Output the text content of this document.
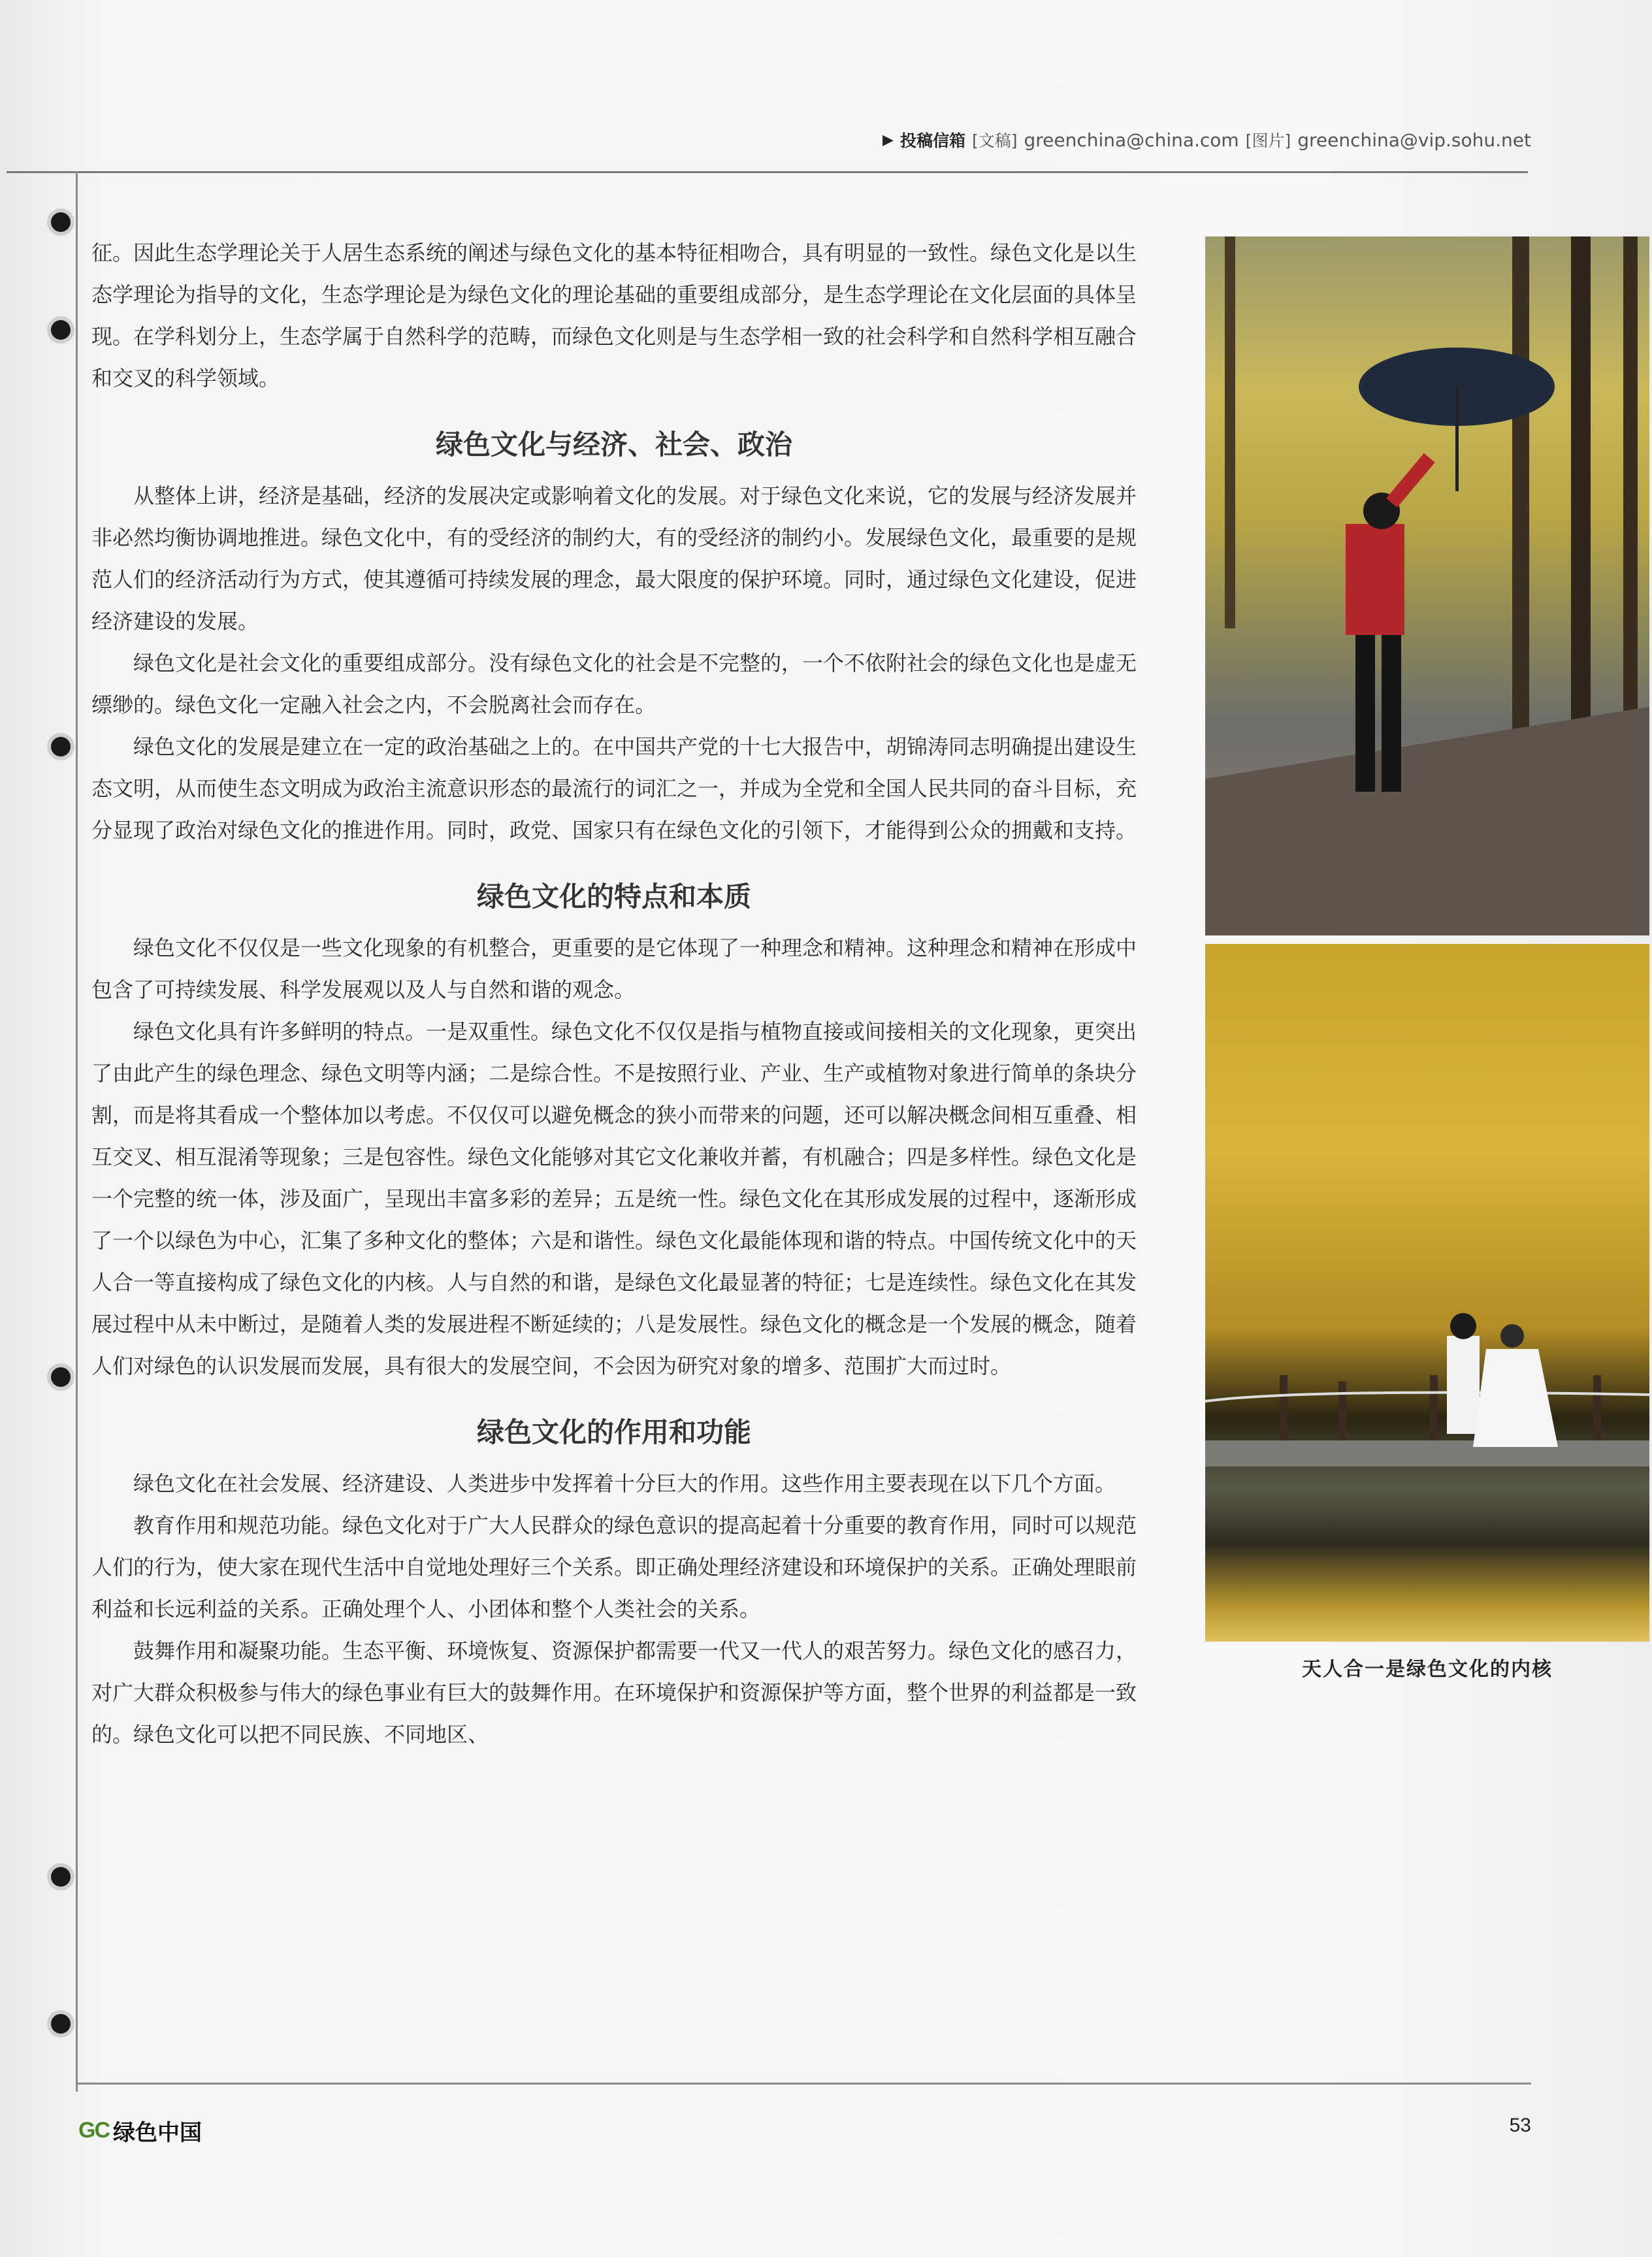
▶ 投稿信箱 [文稿] greenchina@china.com [图片] greenchina@vip.sohu.net

征。因此生态学理论关于人居生态系统的阐述与绿色文化的基本特征相吻合，具有明显的一致性。绿色文化是以生态学理论为指导的文化，生态学理论是为绿色文化的理论基础的重要组成部分，是生态学理论在文化层面的具体呈现。在学科划分上，生态学属于自然科学的范畴，而绿色文化则是与生态学相一致的社会科学和自然科学相互融合和交叉的科学领域。

绿色文化与经济、社会、政治

从整体上讲，经济是基础，经济的发展决定或影响着文化的发展。对于绿色文化来说，它的发展与经济发展并非必然均衡协调地推进。绿色文化中，有的受经济的制约大，有的受经济的制约小。发展绿色文化，最重要的是规范人们的经济活动行为方式，使其遵循可持续发展的理念，最大限度的保护环境。同时，通过绿色文化建设，促进经济建设的发展。

绿色文化是社会文化的重要组成部分。没有绿色文化的社会是不完整的，一个不依附社会的绿色文化也是虚无缥缈的。绿色文化一定融入社会之内，不会脱离社会而存在。

绿色文化的发展是建立在一定的政治基础之上的。在中国共产党的十七大报告中，胡锦涛同志明确提出建设生态文明，从而使生态文明成为政治主流意识形态的最流行的词汇之一，并成为全党和全国人民共同的奋斗目标，充分显现了政治对绿色文化的推进作用。同时，政党、国家只有在绿色文化的引领下，才能得到公众的拥戴和支持。

绿色文化的特点和本质

绿色文化不仅仅是一些文化现象的有机整合，更重要的是它体现了一种理念和精神。这种理念和精神在形成中包含了可持续发展、科学发展观以及人与自然和谐的观念。

绿色文化具有许多鲜明的特点。一是双重性。绿色文化不仅仅是指与植物直接或间接相关的文化现象，更突出了由此产生的绿色理念、绿色文明等内涵；二是综合性。不是按照行业、产业、生产或植物对象进行简单的条块分割，而是将其看成一个整体加以考虑。不仅仅可以避免概念的狭小而带来的问题，还可以解决概念间相互重叠、相互交叉、相互混淆等现象；三是包容性。绿色文化能够对其它文化兼收并蓄，有机融合；四是多样性。绿色文化是一个完整的统一体，涉及面广，呈现出丰富多彩的差异；五是统一性。绿色文化在其形成发展的过程中，逐渐形成了一个以绿色为中心，汇集了多种文化的整体；六是和谐性。绿色文化最能体现和谐的特点。中国传统文化中的天人合一等直接构成了绿色文化的内核。人与自然的和谐，是绿色文化最显著的特征；七是连续性。绿色文化在其发展过程中从未中断过，是随着人类的发展进程不断延续的；八是发展性。绿色文化的概念是一个发展的概念，随着人们对绿色的认识发展而发展，具有很大的发展空间，不会因为研究对象的增多、范围扩大而过时。

绿色文化的作用和功能

绿色文化在社会发展、经济建设、人类进步中发挥着十分巨大的作用。这些作用主要表现在以下几个方面。

教育作用和规范功能。绿色文化对于广大人民群众的绿色意识的提高起着十分重要的教育作用，同时可以规范人们的行为，使大家在现代生活中自觉地处理好三个关系。即正确处理经济建设和环境保护的关系。正确处理眼前利益和长远利益的关系。正确处理个人、小团体和整个人类社会的关系。

鼓舞作用和凝聚功能。生态平衡、环境恢复、资源保护都需要一代又一代人的艰苦努力。绿色文化的感召力，对广大群众积极参与伟大的绿色事业有巨大的鼓舞作用。在环境保护和资源保护等方面，整个世界的利益都是一致的。绿色文化可以把不同民族、不同地区、

天人合一是绿色文化的内核
GC 绿色中国	53
